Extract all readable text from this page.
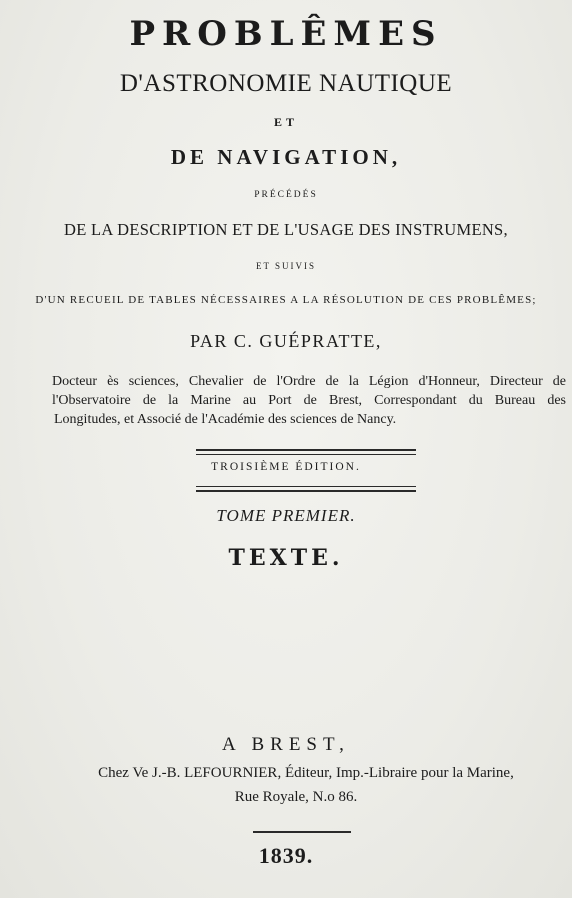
PROBLÊMES
D'ASTRONOMIE NAUTIQUE
ET
DE NAVIGATION,
PRÉCÉDÉS
DE LA DESCRIPTION ET DE L'USAGE DES INSTRUMENS,
ET SUIVIS
D'UN RECUEIL DE TABLES NÉCESSAIRES A LA RÉSOLUTION DE CES PROBLÊMES;
PAR C. GUÉPRATTE,
Docteur ès sciences, Chevalier de l'Ordre de la Légion d'Honneur, Directeur de
l'Observatoire de la Marine au Port de Brest, Correspondant du Bureau des
Longitudes, et Associé de l'Académie des sciences de Nancy.
TROISIÈME ÉDITION.
TOME PREMIER.
TEXTE.
A BREST,
Chez Ve J.-B. LEFOURNIER, Éditeur, Imp.-Libraire pour la Marine,
Rue Royale, N.o 86.
1839.
